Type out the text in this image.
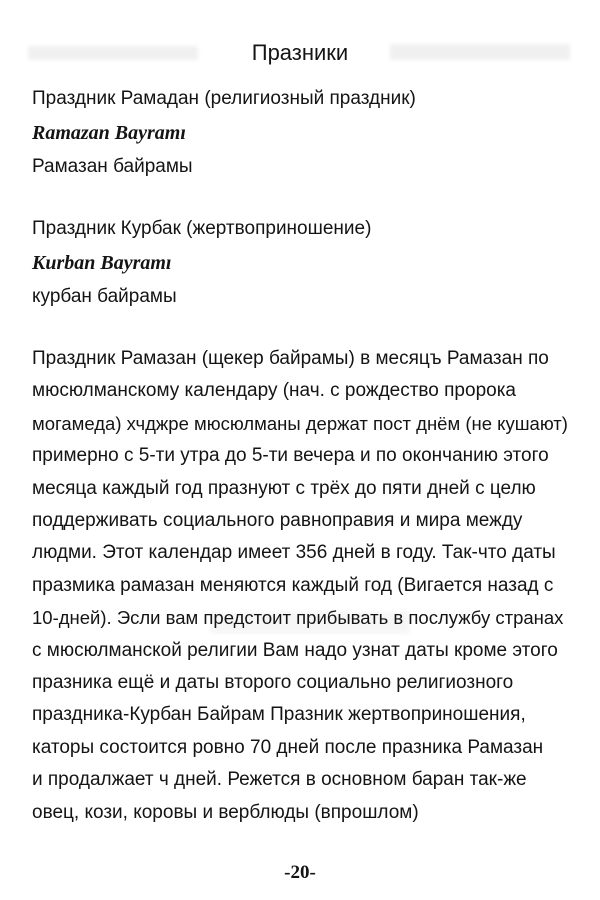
Празники
Праздник Рамадан (религиозный праздник)
Ramazan Bayramı
Рамазан байрамы
Праздник Курбак (жертвоприношение)
Kurban Bayramı
курбан байрамы
Праздник Рамазан (щекер байрамы) в месяцъ Рамазан по
мюсюлманскому календару (нач. с рождество пророка
могамеда) хчджре мюсюлманы держат пост днём (не кушают)
примерно с 5-ти утра до 5-ти вечера и по окончанию этого
месяца каждый год празнуют с трёх до пяти дней с целю
поддерживать социального равноправия и мира между
людми. Этот календар имеет 356 дней в году. Так-что даты
празмика рамазан меняются каждый год (Вигается назад с
10-дней). Эсли вам предстоит прибывать в послужбу странах
с мюсюлманской религии Вам надо узнат даты кроме этого
празника ещё и даты второго социально религиозного
праздника-Курбан Байрам Празник жертвоприношения,
каторы состоится ровно 70 дней после празника Рамазан
и продалжает ч дней. Режется в основном баран так-же
овец, кози, коровы и верблюды (впрошлом)
-20-
